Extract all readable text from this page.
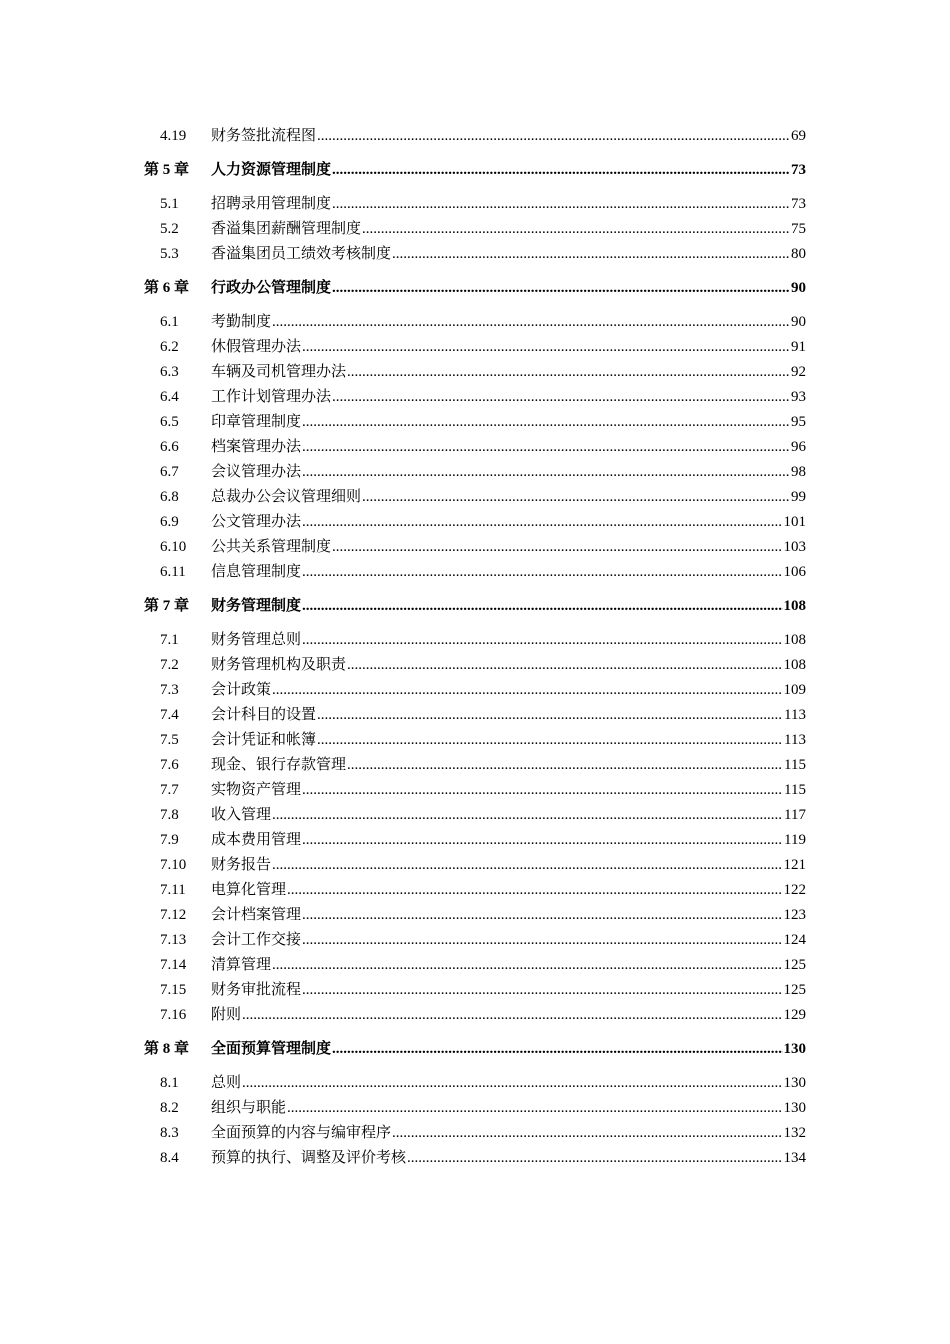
4.19 财务签批流程图 .....	69
第 5 章 人力资源管理制度 .....	73
5.1 招聘录用管理制度 .....	73
5.2 香溢集团薪酬管理制度 .....	75
5.3 香溢集团员工绩效考核制度 .....	80
第 6 章 行政办公管理制度 .....	90
6.1 考勤制度 .....	90
6.2 休假管理办法 .....	91
6.3 车辆及司机管理办法 .....	92
6.4 工作计划管理办法 .....	93
6.5 印章管理制度 .....	95
6.6 档案管理办法 .....	96
6.7 会议管理办法 .....	98
6.8 总裁办公会议管理细则 .....	99
6.9 公文管理办法 .....	101
6.10 公共关系管理制度 .....	103
6.11 信息管理制度 .....	106
第 7 章 财务管理制度 .....	108
7.1 财务管理总则 .....	108
7.2 财务管理机构及职责 .....	108
7.3 会计政策 .....	109
7.4 会计科目的设置 .....	113
7.5 会计凭证和帐簿 .....	113
7.6 现金、银行存款管理 .....	115
7.7 实物资产管理 .....	115
7.8 收入管理 .....	117
7.9 成本费用管理 .....	119
7.10 财务报告 .....	121
7.11 电算化管理 .....	122
7.12 会计档案管理 .....	123
7.13 会计工作交接 .....	124
7.14 清算管理 .....	125
7.15 财务审批流程 .....	125
7.16 附则 .....	129
第 8 章 全面预算管理制度 .....	130
8.1 总则 .....	130
8.2 组织与职能 .....	130
8.3 全面预算的内容与编审程序 .....	132
8.4 预算的执行、调整及评价考核 .....	134
